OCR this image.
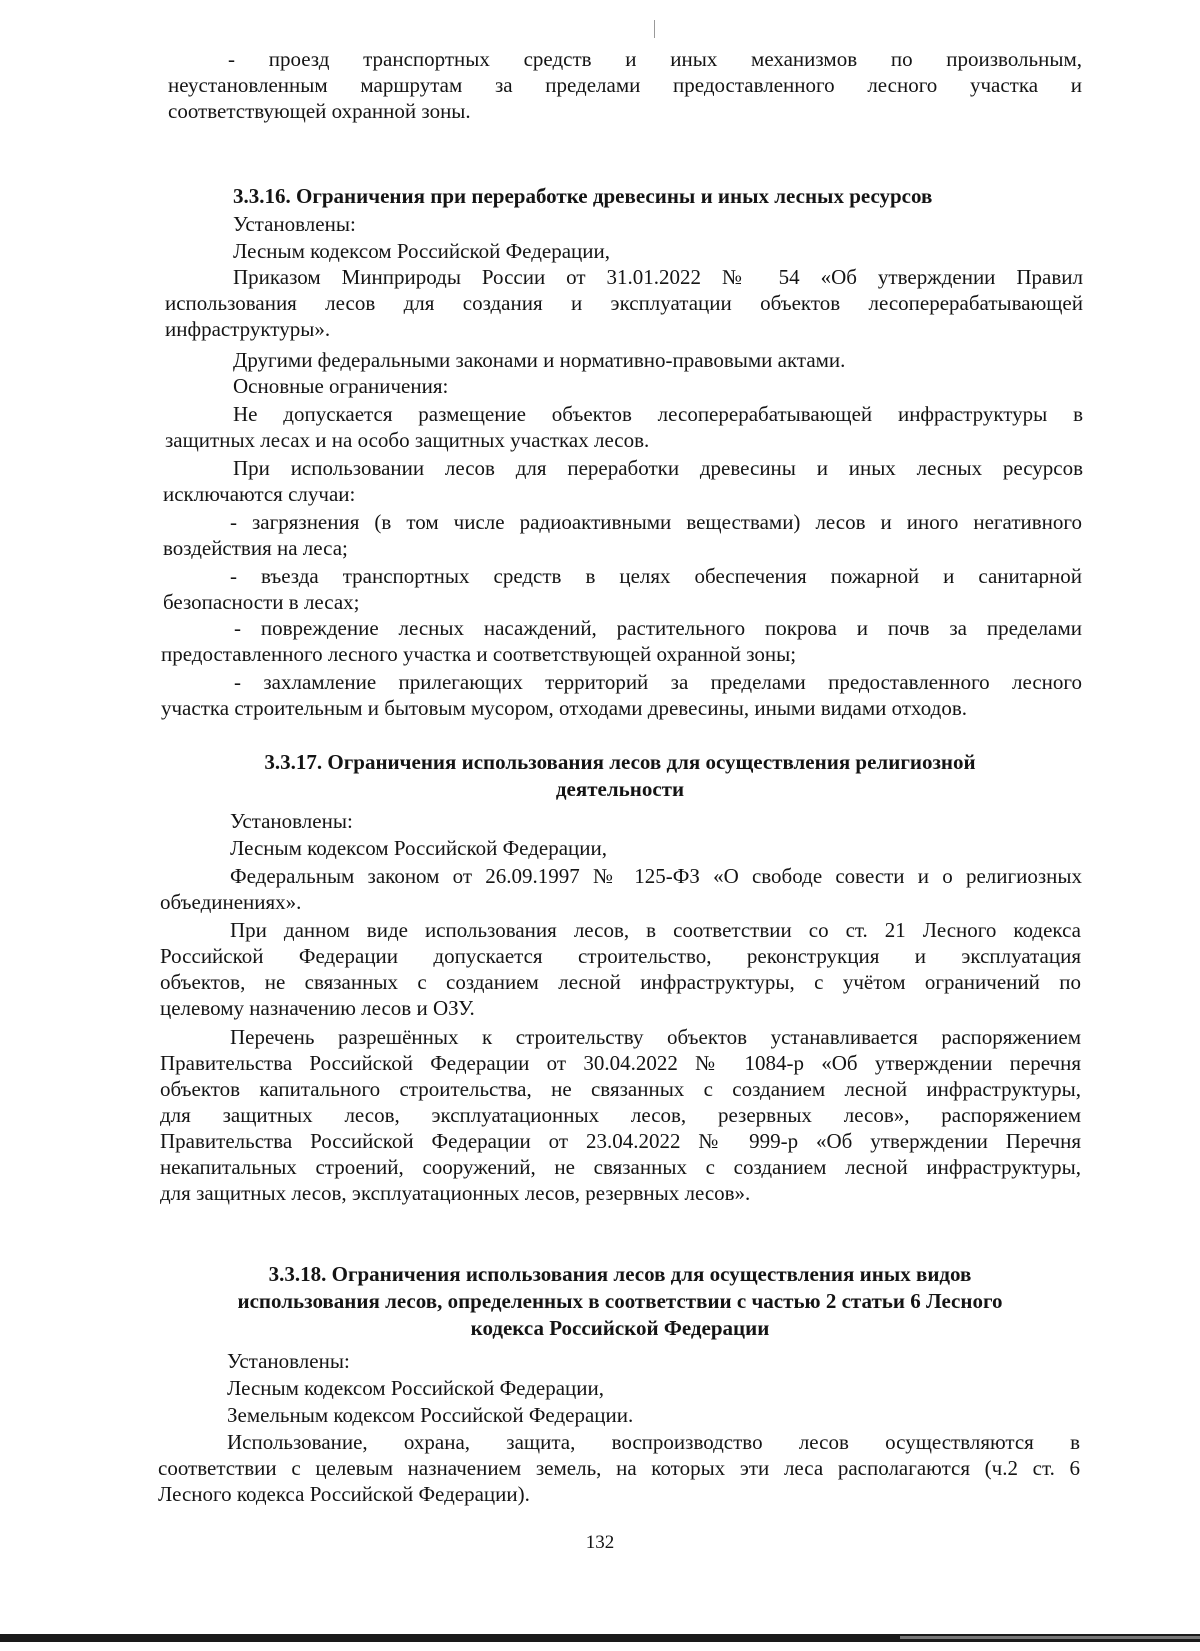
- проезд транспортных средств и иных механизмов по произвольным,
неустановленным маршрутам за пределами предоставленного лесного участка и
соответствующей охранной зоны.
3.3.16. Ограничения при переработке древесины и иных лесных ресурсов
Установлены:
Лесным кодексом Российской Федерации,
Приказом Минприроды России от 31.01.2022 № 54 «Об утверждении Правил
использования лесов для создания и эксплуатации объектов лесоперерабатывающей
инфраструктуры».
Другими федеральными законами и нормативно-правовыми актами.
Основные ограничения:
Не допускается размещение объектов лесоперерабатывающей инфраструктуры в
защитных лесах и на особо защитных участках лесов.
При использовании лесов для переработки древесины и иных лесных ресурсов
исключаются случаи:
- загрязнения (в том числе радиоактивными веществами) лесов и иного негативного
воздействия на леса;
- въезда транспортных средств в целях обеспечения пожарной и санитарной
безопасности в лесах;
- повреждение лесных насаждений, растительного покрова и почв за пределами
предоставленного лесного участка и соответствующей охранной зоны;
- захламление прилегающих территорий за пределами предоставленного лесного
участка строительным и бытовым мусором, отходами древесины, иными видами отходов.
3.3.17. Ограничения использования лесов для осуществления религиозной
деятельности
Установлены:
Лесным кодексом Российской Федерации,
Федеральным законом от 26.09.1997 № 125-ФЗ «О свободе совести и о религиозных
объединениях».
При данном виде использования лесов, в соответствии со ст. 21 Лесного кодекса
Российской Федерации допускается строительство, реконструкция и эксплуатация
объектов, не связанных с созданием лесной инфраструктуры, с учётом ограничений по
целевому назначению лесов и ОЗУ.
Перечень разрешённых к строительству объектов устанавливается распоряжением
Правительства Российской Федерации от 30.04.2022 № 1084-р «Об утверждении перечня
объектов капитального строительства, не связанных с созданием лесной инфраструктуры,
для защитных лесов, эксплуатационных лесов, резервных лесов», распоряжением
Правительства Российской Федерации от 23.04.2022 № 999-р «Об утверждении Перечня
некапитальных строений, сооружений, не связанных с созданием лесной инфраструктуры,
для защитных лесов, эксплуатационных лесов, резервных лесов».
3.3.18. Ограничения использования лесов для осуществления иных видов
использования лесов, определенных в соответствии с частью 2 статьи 6 Лесного
кодекса Российской Федерации
Установлены:
Лесным кодексом Российской Федерации,
Земельным кодексом Российской Федерации.
Использование, охрана, защита, воспроизводство лесов осуществляются в
соответствии с целевым назначением земель, на которых эти леса располагаются (ч.2 ст. 6
Лесного кодекса Российской Федерации).
132
